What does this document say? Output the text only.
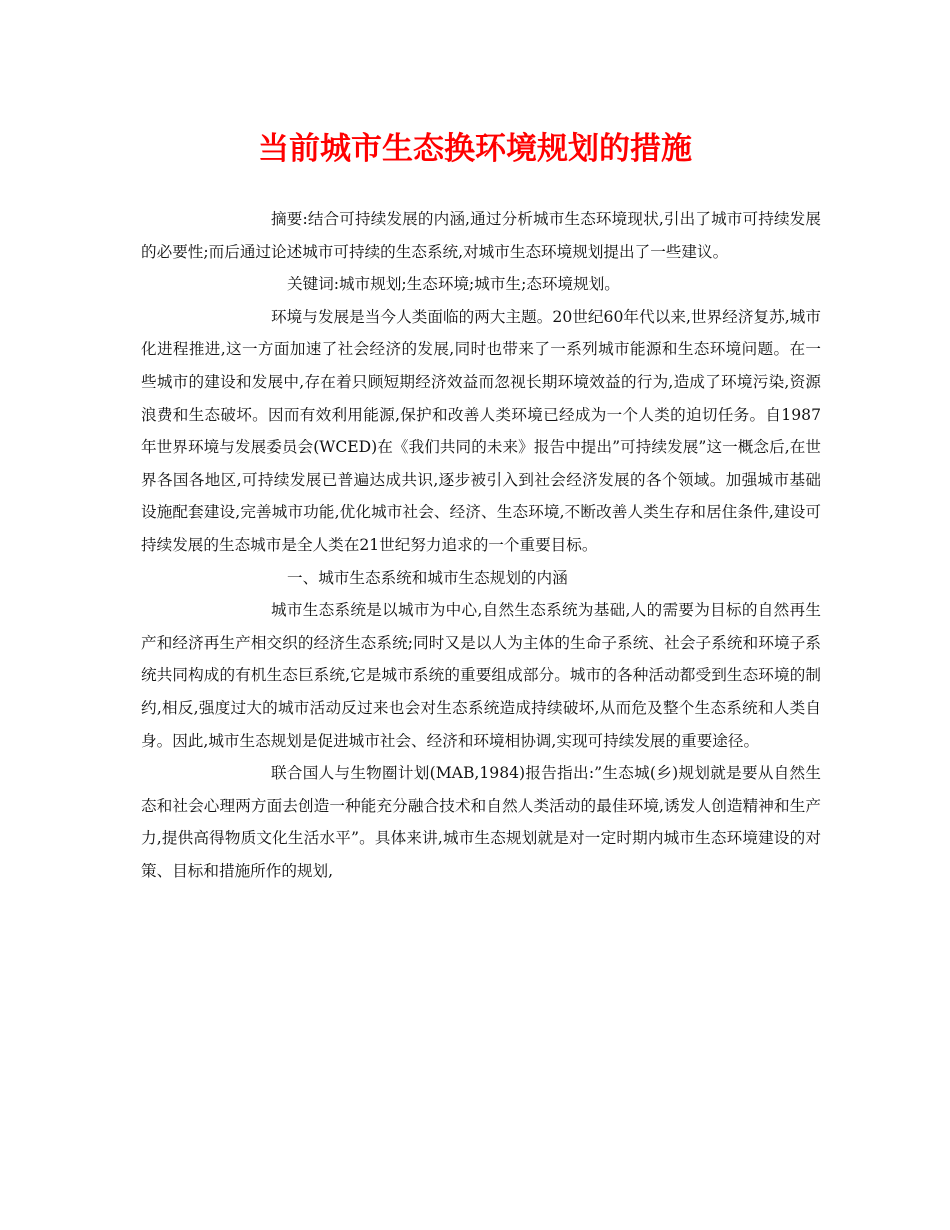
当前城市生态换环境规划的措施

摘要:结合可持续发展的内涵,通过分析城市生态环境现状,引出了城市可持续发展的必要性;而后通过论述城市可持续的生态系统,对城市生态环境规划提出了一些建议。

关键词:城市规划;生态环境;城市生;态环境规划。

环境与发展是当今人类面临的两大主题。20世纪60年代以来,世界经济复苏,城市化进程推进,这一方面加速了社会经济的发展,同时也带来了一系列城市能源和生态环境问题。在一些城市的建设和发展中,存在着只顾短期经济效益而忽视长期环境效益的行为,造成了环境污染,资源浪费和生态破坏。因而有效利用能源,保护和改善人类环境已经成为一个人类的迫切任务。自1987年世界环境与发展委员会(WCED)在《我们共同的未来》报告中提出”可持续发展”这一概念后,在世界各国各地区,可持续发展已普遍达成共识,逐步被引入到社会经济发展的各个领域。加强城市基础设施配套建设,完善城市功能,优化城市社会、经济、生态环境,不断改善人类生存和居住条件,建设可持续发展的生态城市是全人类在21世纪努力追求的一个重要目标。

一、城市生态系统和城市生态规划的内涵

城市生态系统是以城市为中心,自然生态系统为基础,人的需要为目标的自然再生产和经济再生产相交织的经济生态系统;同时又是以人为主体的生命子系统、社会子系统和环境子系统共同构成的有机生态巨系统,它是城市系统的重要组成部分。城市的各种活动都受到生态环境的制约,相反,强度过大的城市活动反过来也会对生态系统造成持续破坏,从而危及整个生态系统和人类自身。因此,城市生态规划是促进城市社会、经济和环境相协调,实现可持续发展的重要途径。

联合国人与生物圈计划(MAB,1984)报告指出:”生态城(乡)规划就是要从自然生态和社会心理两方面去创造一种能充分融合技术和自然人类活动的最佳环境,诱发人创造精神和生产力,提供高得物质文化生活水平”。具体来讲,城市生态规划就是对一定时期内城市生态环境建设的对策、目标和措施所作的规划,
